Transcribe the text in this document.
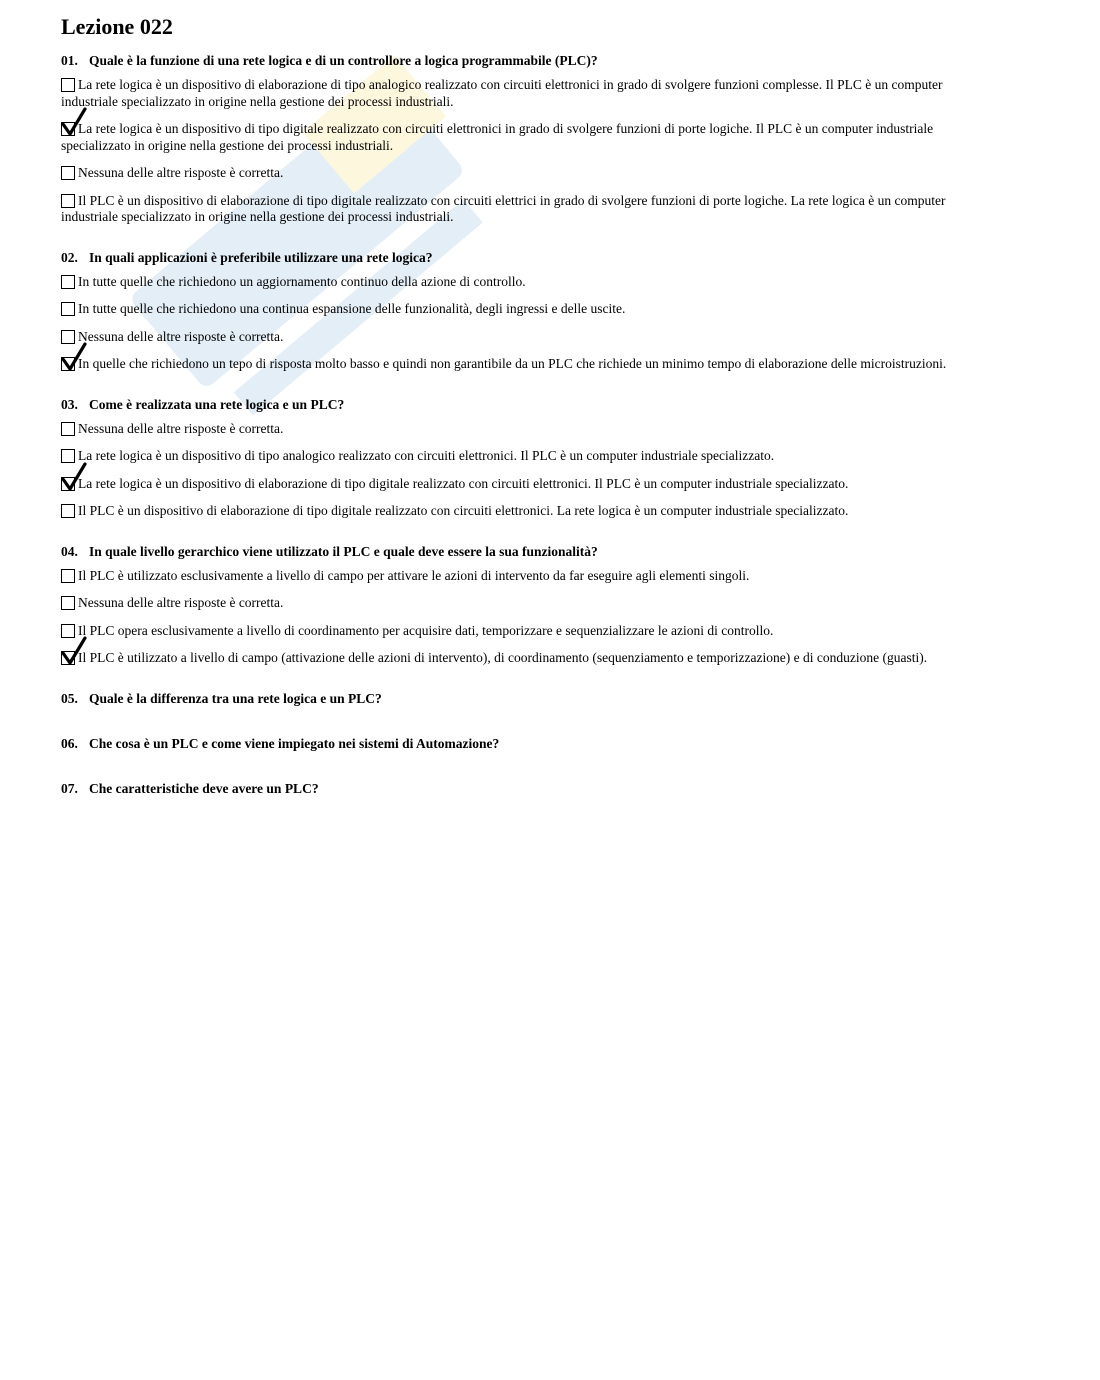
Lezione 022
01. Quale è la funzione di una rete logica e di un controllore a logica programmabile (PLC)?
La rete logica è un dispositivo di elaborazione di tipo analogico realizzato con circuiti elettronici in grado di svolgere funzioni complesse. Il PLC è un computer industriale specializzato in origine nella gestione dei processi industriali.
La rete logica è un dispositivo di tipo digitale realizzato con circuiti elettronici in grado di svolgere funzioni di porte logiche. Il PLC è un computer industriale specializzato in origine nella gestione dei processi industriali.
Nessuna delle altre risposte è corretta.
Il PLC è un dispositivo di elaborazione di tipo digitale realizzato con circuiti elettrici in grado di svolgere funzioni di porte logiche. La rete logica è un computer industriale specializzato in origine nella gestione dei processi industriali.
02. In quali applicazioni è preferibile utilizzare una rete logica?
In tutte quelle che richiedono un aggiornamento continuo della azione di controllo.
In tutte quelle che richiedono una continua espansione delle funzionalità, degli ingressi e delle uscite.
Nessuna delle altre risposte è corretta.
In quelle che richiedono un tepo di risposta molto basso e quindi non garantibile da un PLC che richiede un minimo tempo di elaborazione delle microistruzioni.
03. Come è realizzata una rete logica e un PLC?
Nessuna delle altre risposte è corretta.
La rete logica è un dispositivo di tipo analogico realizzato con circuiti elettronici. Il PLC è un computer industriale specializzato.
La rete logica è un dispositivo di elaborazione di tipo digitale realizzato con circuiti elettronici. Il PLC è un computer industriale specializzato.
Il PLC è un dispositivo di elaborazione di tipo digitale realizzato con circuiti elettronici. La rete logica è un computer industriale specializzato.
04. In quale livello gerarchico viene utilizzato il PLC e quale deve essere la sua funzionalità?
Il PLC è utilizzato esclusivamente a livello di campo per attivare le azioni di intervento da far eseguire agli elementi singoli.
Nessuna delle altre risposte è corretta.
Il PLC opera esclusivamente a livello di coordinamento per acquisire dati, temporizzare e sequenzializzare le azioni di controllo.
Il PLC è utilizzato a livello di campo (attivazione delle azioni di intervento), di coordinamento (sequenziamento e temporizzazione) e di conduzione (guasti).
05. Quale è la differenza tra una rete logica e un PLC?
06. Che cosa è un PLC e come viene impiegato nei sistemi di Automazione?
07. Che caratteristiche deve avere un PLC?
